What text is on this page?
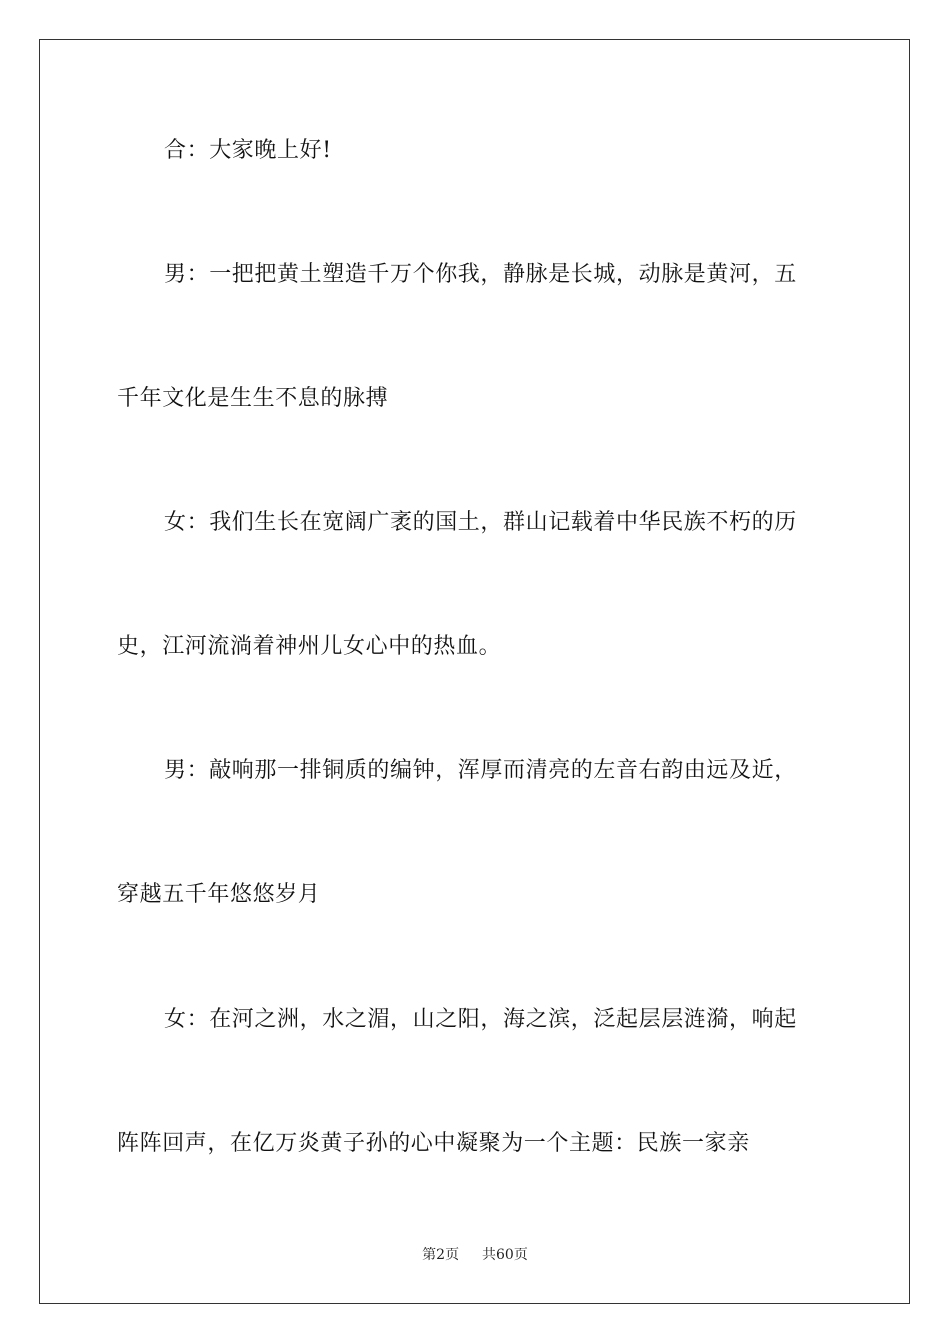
合：大家晚上好!
男：一把把黄土塑造千万个你我，静脉是长城，动脉是黄河，五
千年文化是生生不息的脉搏
女：我们生长在宽阔广袤的国土，群山记载着中华民族不朽的历
史，江河流淌着神州儿女心中的热血。
男：敲响那一排铜质的编钟，浑厚而清亮的左音右韵由远及近，
穿越五千年悠悠岁月
女：在河之洲，水之湄，山之阳，海之滨，泛起层层涟漪，响起
阵阵回声，在亿万炎黄子孙的心中凝聚为一个主题：民族一家亲
第2页 共60页
